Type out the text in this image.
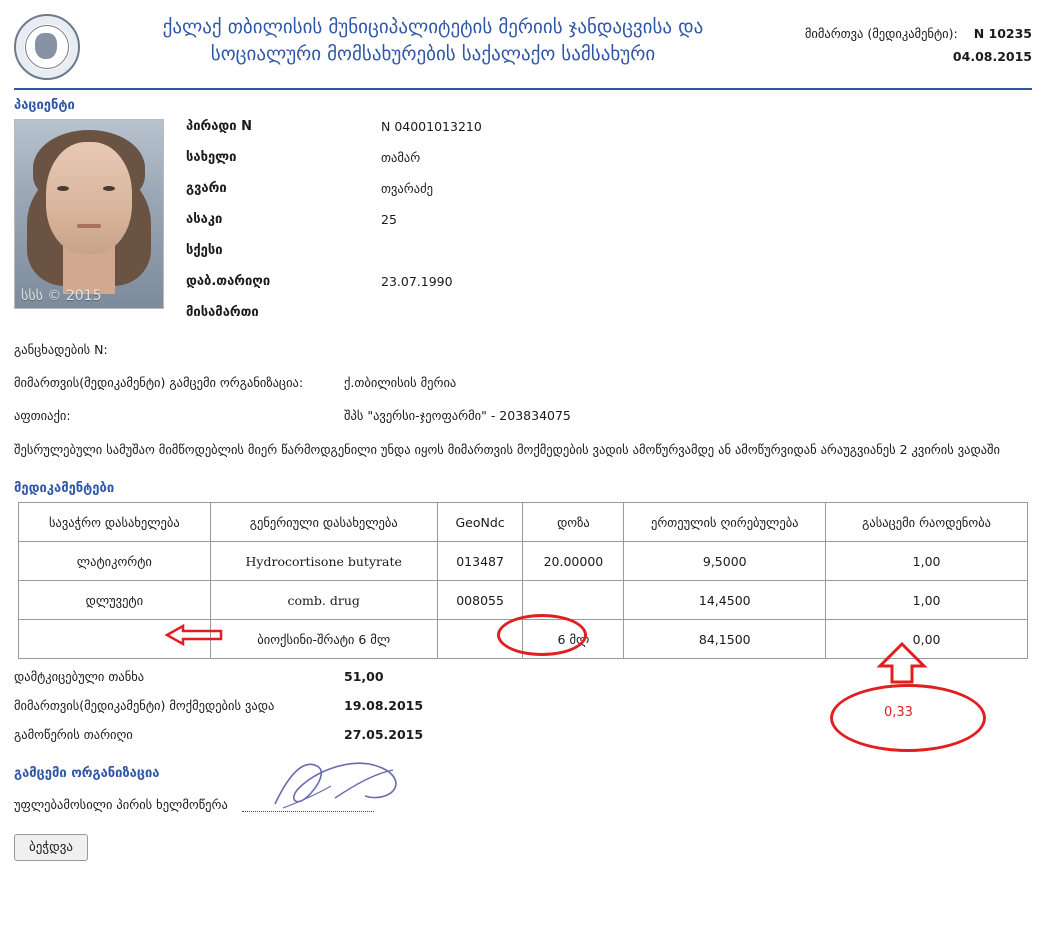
ქალაქ თბილისის მუნიციპალიტეტის მერიის ჯანდაცვისა და
სოციალური მომსახურების საქალაქო სამსახური
მიმართვა (მედიკამენტი): N 10235
04.08.2015
პაციენტი
სსს © 2015
პირადი N	N 04001013210
სახელი	თამარ
გვარი	თვარაძე
ასაკი	25
სქესი
დაბ.თარიღი	23.07.1990
მისამართი
განცხადების N:
მიმართვის(მედიკამენტი) გამცემი ორგანიზაცია:	ქ.თბილისის მერია
აფთიაქი:	შპს "ავერსი-ჯეოფარმი" - 203834075
შესრულებული სამუშაო მიმწოდებლის მიერ წარმოდგენილი უნდა იყოს მიმართვის მოქმედების ვადის ამოწურვამდე ან ამოწურვიდან არაუგვიანეს 2 კვირის ვადაში
მედიკამენტები
სავაჭრო დასახელება	გენერიული დასახელება	GeoNdc	დოზა	ერთეულის ღირებულება	გასაცემი რაოდენობა
ლატიკორტი	Hydrocortisone butyrate	013487	20.00000	9,5000	1,00
დლუვეტი	comb. drug	008055		14,4500	1,00
	ბიოქსინი-შრატი 6 მლ		6 მლ	84,1500	0,00
დამტკიცებული თანხა	51,00
მიმართვის(მედიკამენტი) მოქმედების ვადა	19.08.2015
გამოწერის თარიღი	27.05.2015
გამცემი ორგანიზაცია
უფლებამოსილი პირის ხელმოწერა
ბეჭდვა
0,33
